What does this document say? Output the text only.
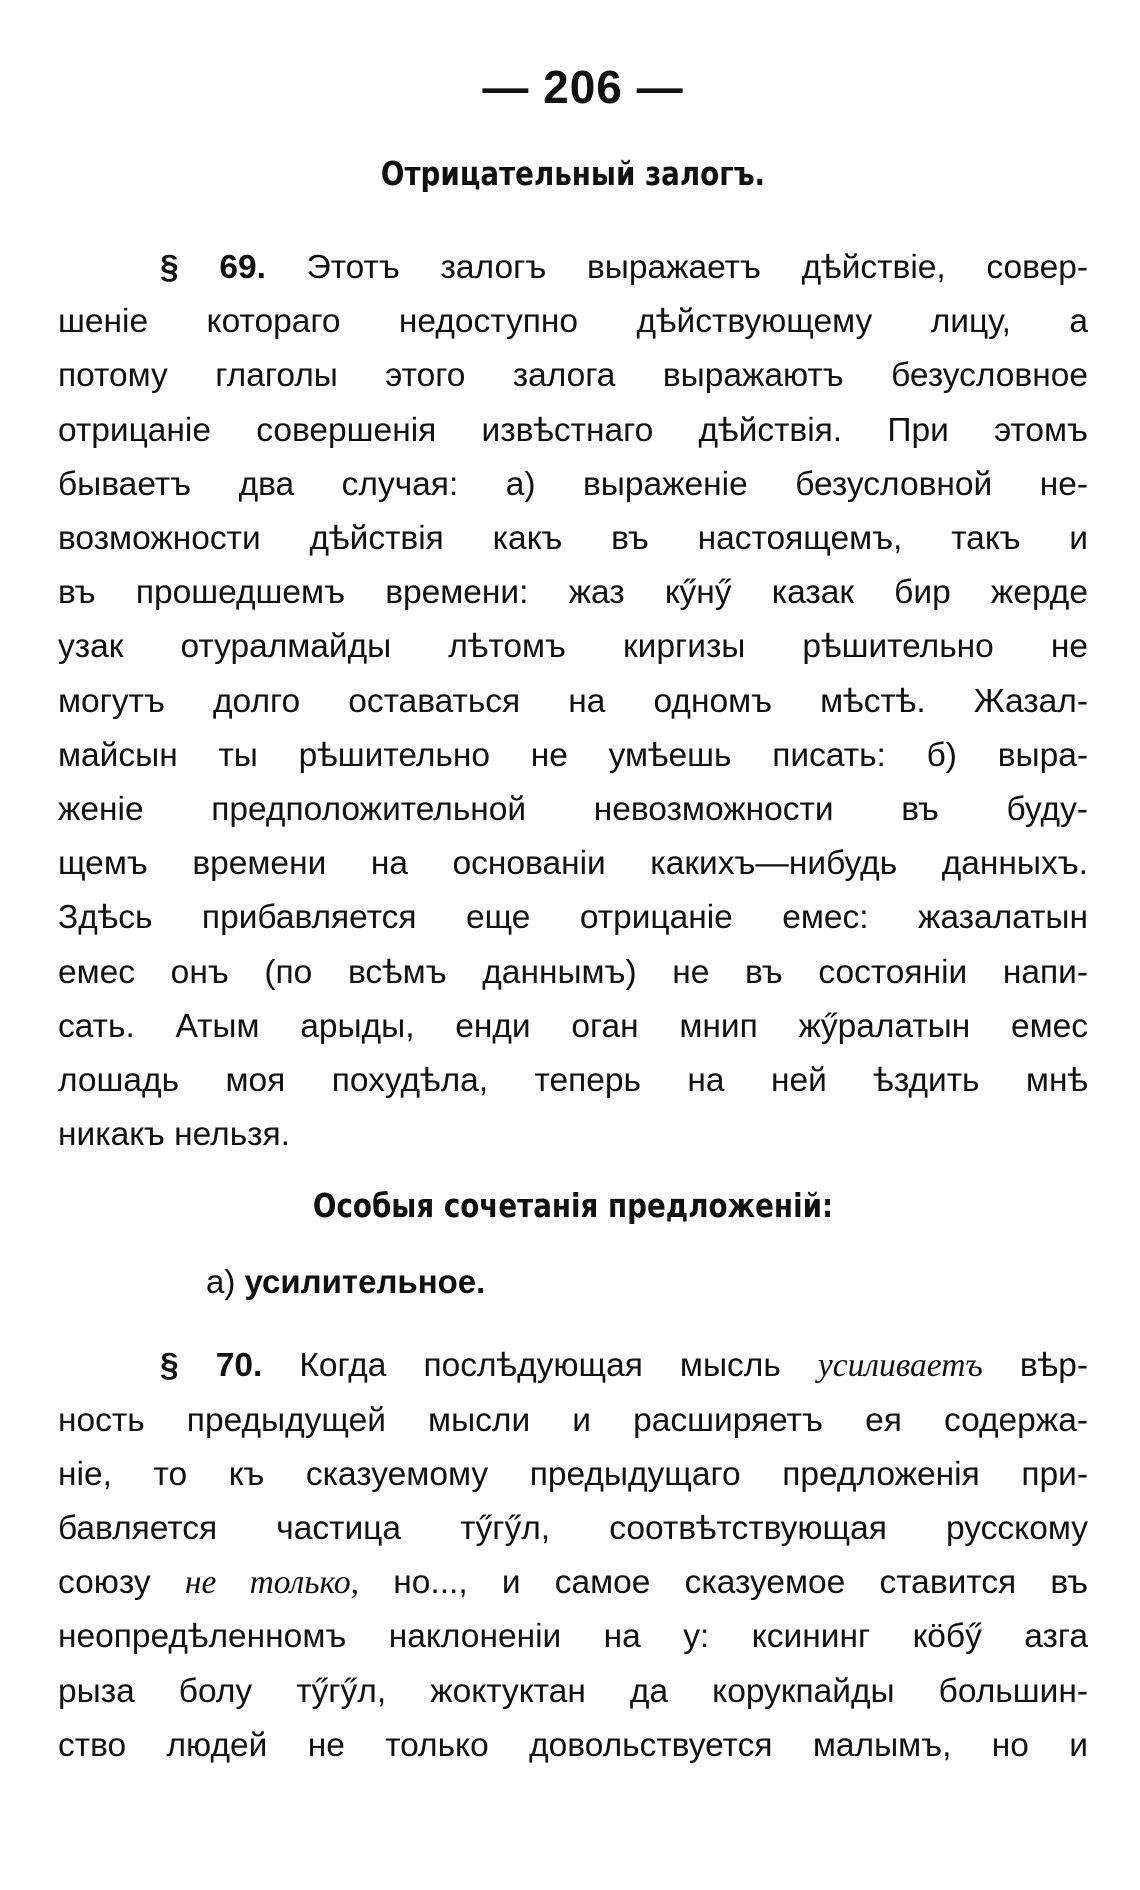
— 206 —
Отрицательный залогъ.
§ 69. Этотъ залогъ выражаетъ дѣйствіе, совер-
шеніе котораго недоступно дѣйствующему лицу, а
потому глаголы этого залога выражаютъ безусловное
отрицаніе совершенія извѣстнаго дѣйствія. При этомъ
бываетъ два случая: а) выраженіе безусловной не-
возможности дѣйствія какъ въ настоящемъ, такъ и
въ прошедшемъ времени: жаз кӳнӳ казак бир жерде
узак отуралмайды лѣтомъ киргизы рѣшительно не
могутъ долго оставаться на одномъ мѣстѣ. Жазал-
майсын ты рѣшительно не умѣешь писать: б) выра-
женіе предположительной невозможности въ буду-
щемъ времени на основаніи какихъ—нибудь данныхъ.
Здѣсь прибавляется еще отрицаніе емес: жазалатын
емес онъ (по всѣмъ даннымъ) не въ состояніи напи-
сать. Атым арыды, енди оган мнип жӳралатын емес
лошадь моя похудѣла, теперь на ней ѣздить мнѣ
никакъ нельзя.
Особыя сочетанія предложеній:
а) усилительное.
§ 70. Когда послѣдующая мысль усиливаетъ вѣр-
ность предыдущей мысли и расширяетъ ея содержа-
ніе, то къ сказуемому предыдущаго предложенія при-
бавляется частица тӳгӳл, соотвѣтствующая русскому
союзу не только, но..., и самое сказуемое ставится въ
неопредѣленномъ наклоненіи на у: ксининг кӧбӳ азга
рыза болу тӳгӳл, жоктуктан да корукпайды большин-
ство людей не только довольствуется малымъ, но и
